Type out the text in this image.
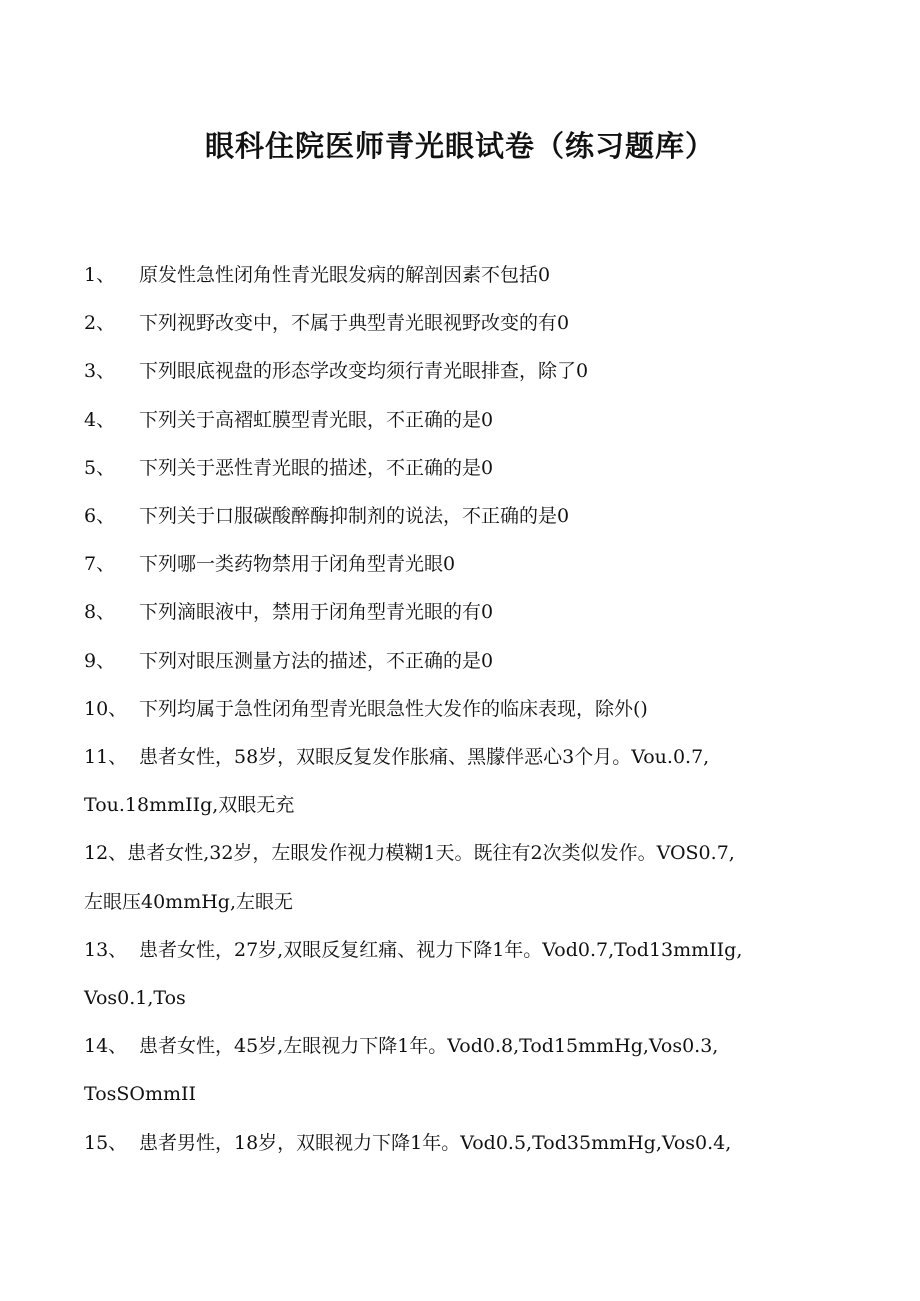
眼科住院医师青光眼试卷（练习题库）
1、 原发性急性闭角性青光眼发病的解剖因素不包括0
2、 下列视野改变中，不属于典型青光眼视野改变的有0
3、 下列眼底视盘的形态学改变均须行青光眼排查，除了0
4、 下列关于高褶虹膜型青光眼，不正确的是0
5、 下列关于恶性青光眼的描述，不正确的是0
6、 下列关于口服碳酸醉酶抑制剂的说法，不正确的是0
7、 下列哪一类药物禁用于闭角型青光眼0
8、 下列滴眼液中，禁用于闭角型青光眼的有0
9、 下列对眼压测量方法的描述，不正确的是0
10、 下列均属于急性闭角型青光眼急性大发作的临床表现，除外()
11、 患者女性，58岁，双眼反复发作胀痛、黑朦伴恶心3个月。Vou.0.7,
Tou.18mmIIg,双眼无充
12、患者女性,32岁，左眼发作视力模糊1天。既往有2次类似发作。VOS0.7,
左眼压40mmHg,左眼无
13、 患者女性，27岁,双眼反复红痛、视力下降1年。Vod0.7,Tod13mmIIg,
Vos0.1,Tos
14、 患者女性，45岁,左眼视力下降1年。Vod0.8,Tod15mmHg,Vos0.3,
TosSOmmII
15、 患者男性，18岁，双眼视力下降1年。Vod0.5,Tod35mmHg,Vos0.4,
